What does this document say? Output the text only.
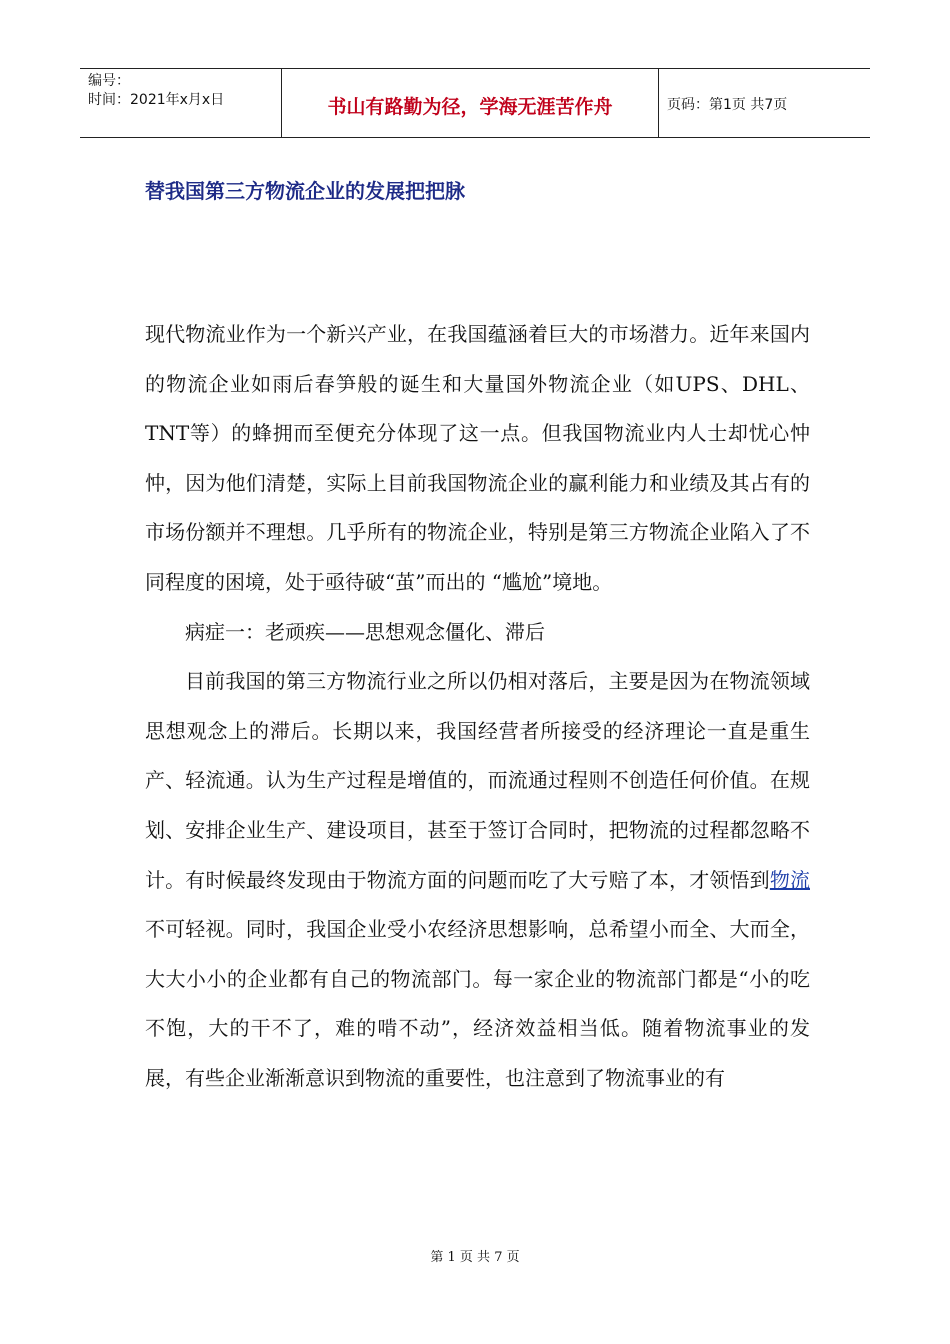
编号：
时间：2021年x月x日	书山有路勤为径，学海无涯苦作舟	页码：第1页 共7页
替我国第三方物流企业的发展把把脉

现代物流业作为一个新兴产业，在我国蕴涵着巨大的市场潜力。近年来国内的物流企业如雨后春笋般的诞生和大量国外物流企业（如UPS、DHL、TNT等）的蜂拥而至便充分体现了这一点。但我国物流业内人士却忧心忡忡，因为他们清楚，实际上目前我国物流企业的赢利能力和业绩及其占有的市场份额并不理想。几乎所有的物流企业，特别是第三方物流企业陷入了不同程度的困境，处于亟待破“茧”而出的 “尴尬”境地。

病症一：老顽疾——思想观念僵化、滞后

目前我国的第三方物流行业之所以仍相对落后，主要是因为在物流领域思想观念上的滞后。长期以来，我国经营者所接受的经济理论一直是重生产、轻流通。认为生产过程是增值的，而流通过程则不创造任何价值。在规划、安排企业生产、建设项目，甚至于签订合同时，把物流的过程都忽略不计。有时候最终发现由于物流方面的问题而吃了大亏赔了本，才领悟到物流不可轻视。同时，我国企业受小农经济思想影响，总希望小而全、大而全，大大小小的企业都有自己的物流部门。每一家企业的物流部门都是“小的吃不饱，大的干不了，难的啃不动”，经济效益相当低。随着物流事业的发展，有些企业渐渐意识到物流的重要性，也注意到了物流事业的有

第 1 页 共 7 页
